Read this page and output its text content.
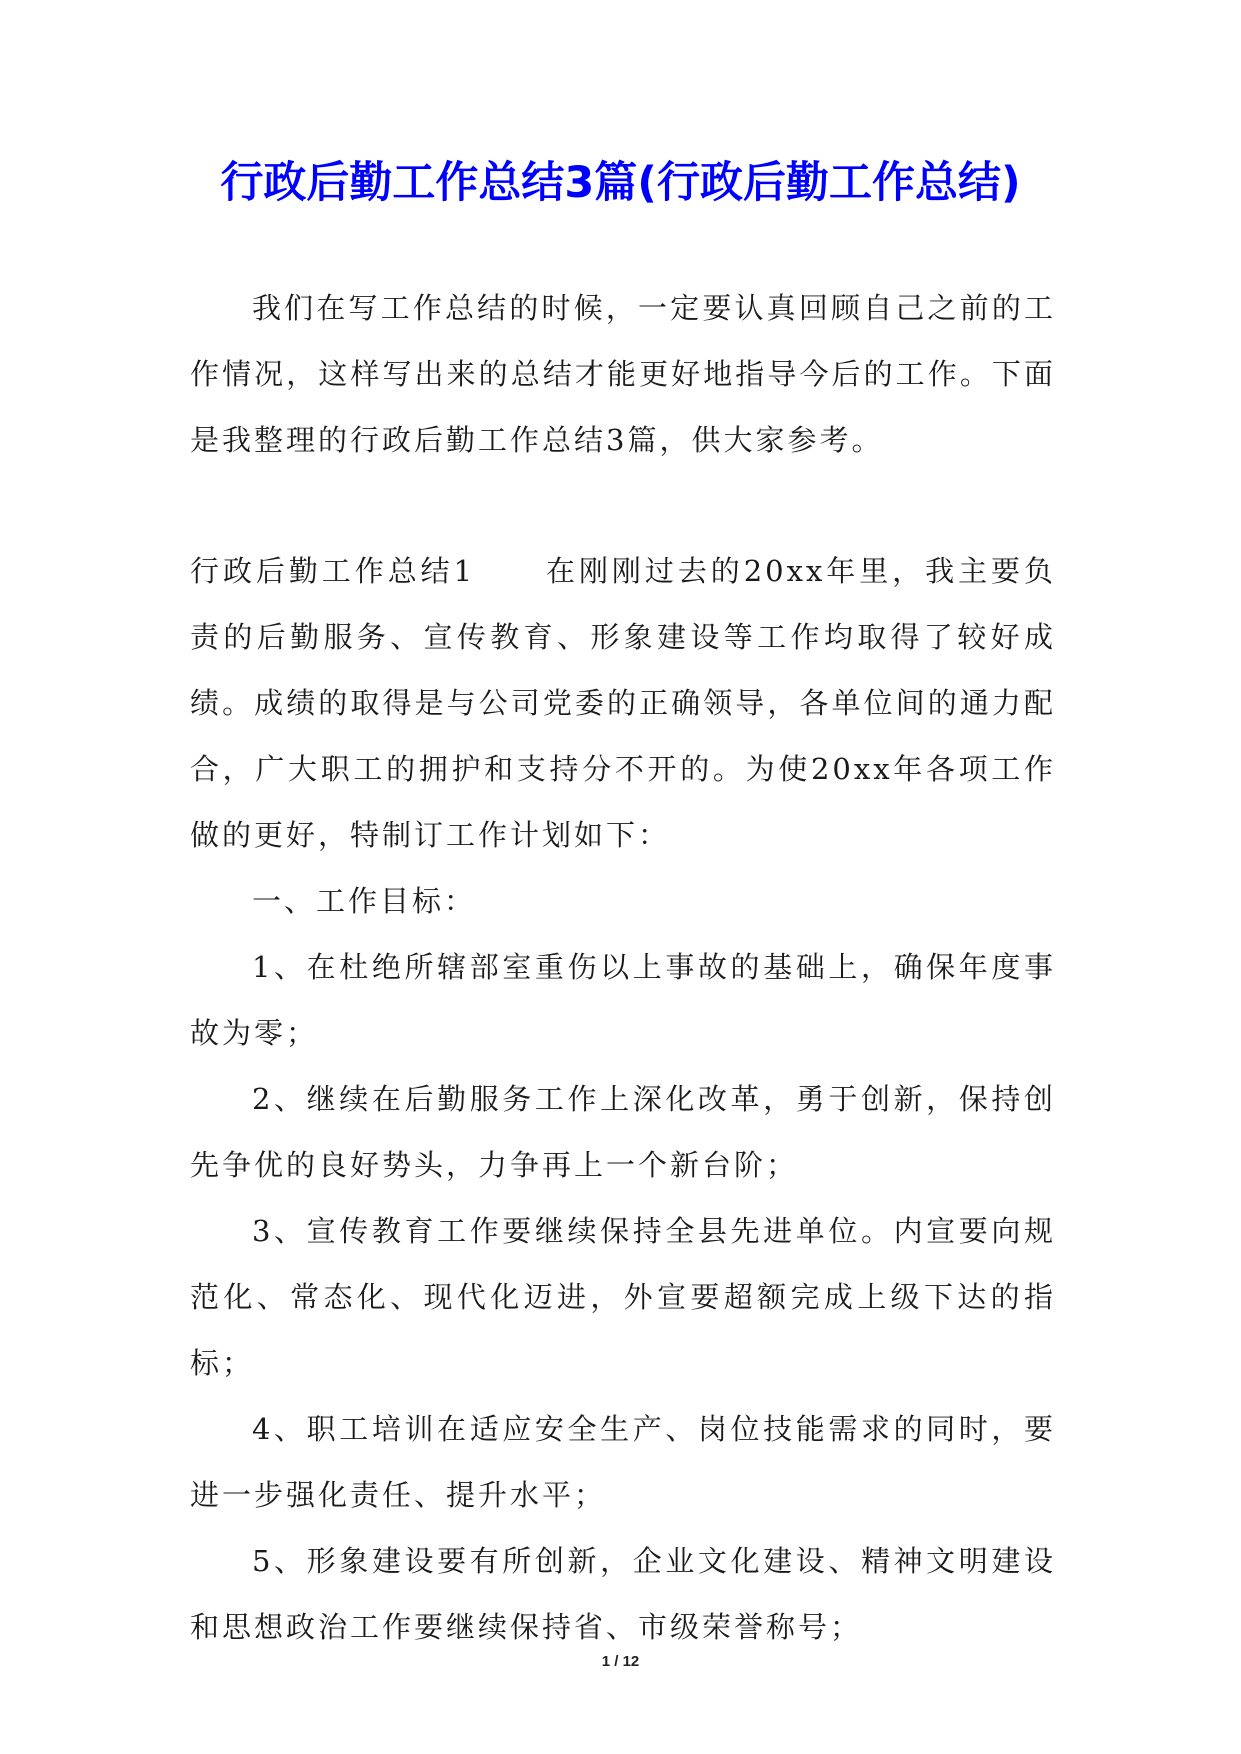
行政后勤工作总结3篇(行政后勤工作总结)

我们在写工作总结的时候，一定要认真回顾自己之前的工作情况，这样写出来的总结才能更好地指导今后的工作。下面是我整理的行政后勤工作总结3篇，供大家参考。

行政后勤工作总结1 在刚刚过去的20xx年里，我主要负责的后勤服务、宣传教育、形象建设等工作均取得了较好成绩。成绩的取得是与公司党委的正确领导，各单位间的通力配合，广大职工的拥护和支持分不开的。为使20xx年各项工作做的更好，特制订工作计划如下：

一、工作目标：

1、在杜绝所辖部室重伤以上事故的基础上，确保年度事故为零；

2、继续在后勤服务工作上深化改革，勇于创新，保持创先争优的良好势头，力争再上一个新台阶；

3、宣传教育工作要继续保持全县先进单位。内宣要向规范化、常态化、现代化迈进，外宣要超额完成上级下达的指标；

4、职工培训在适应安全生产、岗位技能需求的同时，要进一步强化责任、提升水平；

5、形象建设要有所创新，企业文化建设、精神文明建设和思想政治工作要继续保持省、市级荣誉称号；

1 / 12
